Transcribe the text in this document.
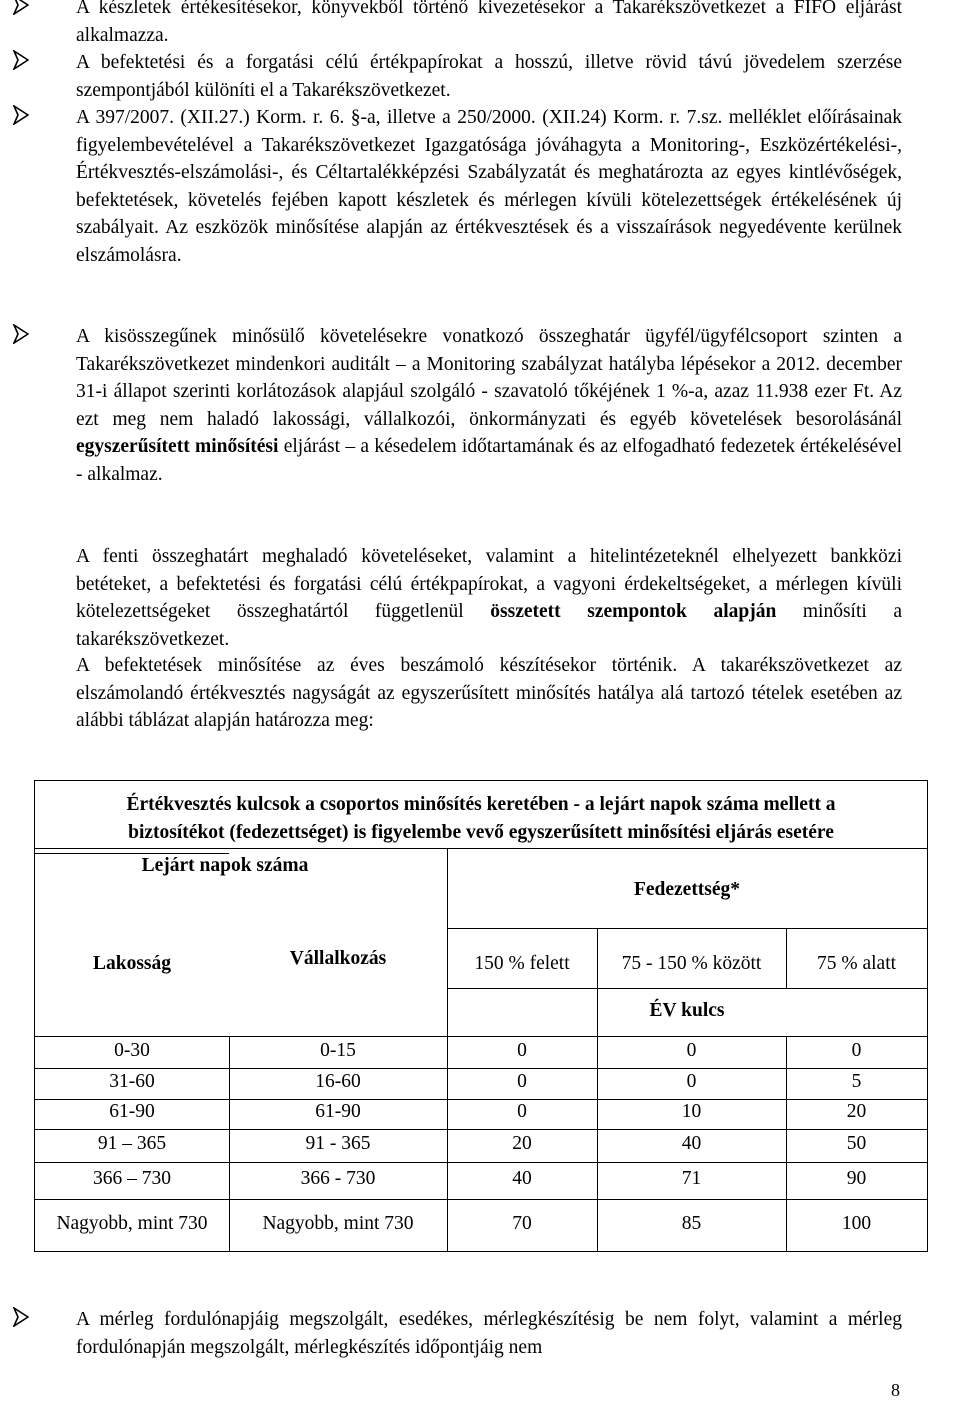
A készletek értékesítésekor, könyvekből történő kivezetésekor a Takarékszövetkezet a FIFO eljárást alkalmazza.
A befektetési és a forgatási célú értékpapírokat a hosszú, illetve rövid távú jövedelem szerzése szempontjából különíti el a Takarékszövetkezet.
A 397/2007. (XII.27.) Korm. r. 6. §-a, illetve a 250/2000. (XII.24) Korm. r. 7.sz. melléklet előírásainak figyelembevételével a Takarékszövetkezet Igazgatósága jóváhagyta a Monitoring-, Eszközértékelési-, Értékvesztés-elszámolási-, és Céltartalékképzési Szabályzatát és meghatározta az egyes kintlévőségek, befektetések, követelés fejében kapott készletek és mérlegen kívüli kötelezettségek értékelésének új szabályait. Az eszközök minősítése alapján az értékvesztések és a visszaírások negyedévente kerülnek elszámolásra.
A kisösszegűnek minősülő követelésekre vonatkozó összeghatár ügyfél/ügyfélcsoport szinten a Takarékszövetkezet mindenkori auditált – a Monitoring szabályzat hatályba lépésekor a 2012. december 31-i állapot szerinti korlátozások alapjául szolgáló - szavatoló tőkéjének 1 %-a, azaz 11.938 ezer Ft. Az ezt meg nem haladó lakossági, vállalkozói, önkormányzati és egyéb követelések besorolásánál egyszerűsített minősítési eljárást – a késedelem időtartamának és az elfogadható fedezetek értékelésével - alkalmaz.
A fenti összeghatárt meghaladó követeléseket, valamint a hitelintézeteknél elhelyezett bankközi betéteket, a befektetési és forgatási célú értékpapírokat, a vagyoni érdekeltségeket, a mérlegen kívüli kötelezettségeket összeghatártól függetlenül összetett szempontok alapján minősíti a takarékszövetkezet.
A befektetések minősítése az éves beszámoló készítésekor történik. A takarékszövetkezet az elszámolandó értékvesztés nagyságát az egyszerűsített minősítés hatálya alá tartozó tételek esetében az alábbi táblázat alapján határozza meg:
Értékvesztés kulcsok a csoportos minősítés keretében - a lejárt napok száma mellett a
biztosítékot (fedezettséget) is figyelembe vevő egyszerűsített minősítési eljárás esetére
Lejárt napok száma
Fedezettség*
Lakosság	Vállalkozás	150 % felett	75 - 150 % között	75 % alatt
ÉV kulcs
0-30	0-15	0	0	0
31-60	16-60	0	0	5
61-90	61-90	0	10	20
91 – 365	91 - 365	20	40	50
366 – 730	366 - 730	40	71	90
Nagyobb, mint 730	Nagyobb, mint 730	70	85	100
A mérleg fordulónapjáig megszolgált, esedékes, mérlegkészítésig be nem folyt, valamint a mérleg fordulónapján megszolgált, mérlegkészítés időpontjáig nem
8
